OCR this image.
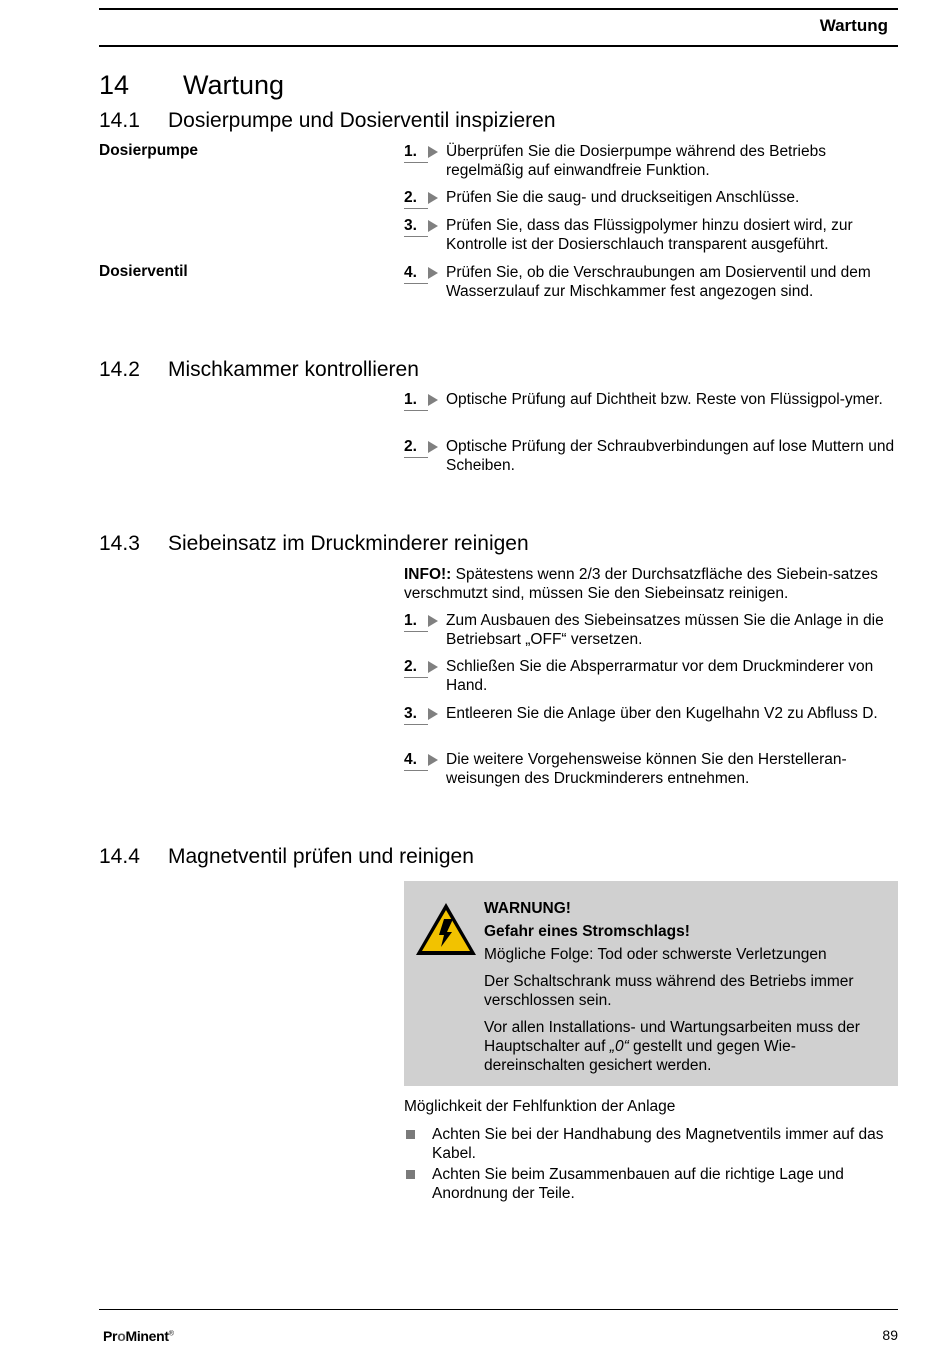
Wartung
14 Wartung
14.1 Dosierpumpe und Dosierventil inspizieren
Dosierpumpe	1. Überprüfen Sie die Dosierpumpe während des Betriebs regelmäßig auf einwandfreie Funktion.
2. Prüfen Sie die saug- und druckseitigen Anschlüsse.
3. Prüfen Sie, dass das Flüssigpolymer hinzu dosiert wird, zur Kontrolle ist der Dosierschlauch transparent ausgeführt.
Dosierventil	4. Prüfen Sie, ob die Verschraubungen am Dosierventil und dem Wasserzulauf zur Mischkammer fest angezogen sind.
14.2 Mischkammer kontrollieren
1. Optische Prüfung auf Dichtheit bzw. Reste von Flüssigpol-ymer.
2. Optische Prüfung der Schraubverbindungen auf lose Muttern und Scheiben.
14.3 Siebeinsatz im Druckminderer reinigen
INFO!: Spätestens wenn 2/3 der Durchsatzfläche des Siebein-satzes verschmutzt sind, müssen Sie den Siebeinsatz reinigen.
1. Zum Ausbauen des Siebeinsatzes müssen Sie die Anlage in die Betriebsart „OFF“ versetzen.
2. Schließen Sie die Absperrarmatur vor dem Druckminderer von Hand.
3. Entleeren Sie die Anlage über den Kugelhahn V2 zu Abfluss D.
4. Die weitere Vorgehensweise können Sie den Herstelleran-weisungen des Druckminderers entnehmen.
14.4 Magnetventil prüfen und reinigen
WARNUNG!
Gefahr eines Stromschlags!
Mögliche Folge: Tod oder schwerste Verletzungen
Der Schaltschrank muss während des Betriebs immer verschlossen sein.
Vor allen Installations- und Wartungsarbeiten muss der Hauptschalter auf „0“ gestellt und gegen Wie-dereinschalten gesichert werden.
Möglichkeit der Fehlfunktion der Anlage
Achten Sie bei der Handhabung des Magnetventils immer auf das Kabel.
Achten Sie beim Zusammenbauen auf die richtige Lage und Anordnung der Teile.
ProMinent®	89
